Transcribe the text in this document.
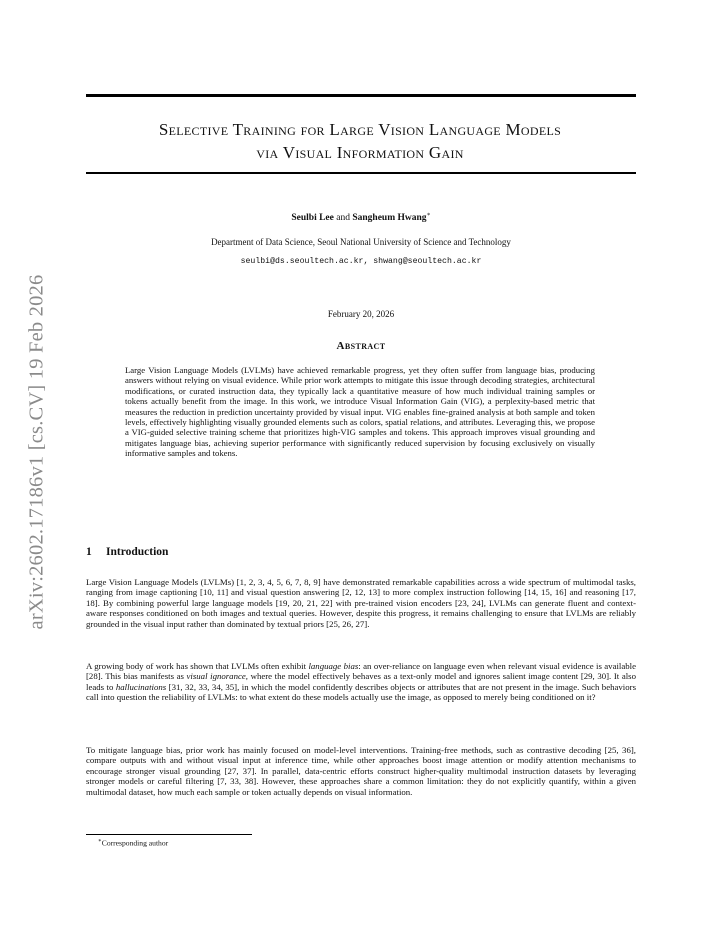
arXiv:2602.17186v1 [cs.CV] 19 Feb 2026
Selective Training for Large Vision Language Models
via Visual Information Gain
Seulbi Lee and Sangheum Hwang∗
Department of Data Science, Seoul National University of Science and Technology
seulbi@ds.seoultech.ac.kr, shwang@seoultech.ac.kr
February 20, 2026
Abstract

Large Vision Language Models (LVLMs) have achieved remarkable progress, yet they often suffer from language bias, producing answers without relying on visual evidence. While prior work attempts to mitigate this issue through decoding strategies, architectural modifications, or curated instruction data, they typically lack a quantitative measure of how much individual training samples or tokens actually benefit from the image. In this work, we introduce Visual Information Gain (VIG), a perplexity-based metric that measures the reduction in prediction uncertainty provided by visual input. VIG enables fine-grained analysis at both sample and token levels, effectively highlighting visually grounded elements such as colors, spatial relations, and attributes. Leveraging this, we propose a VIG-guided selective training scheme that prioritizes high-VIG samples and tokens. This approach improves visual grounding and mitigates language bias, achieving superior performance with significantly reduced supervision by focusing exclusively on visually informative samples and tokens.

1 Introduction

Large Vision Language Models (LVLMs) [1, 2, 3, 4, 5, 6, 7, 8, 9] have demonstrated remarkable capabilities across a wide spectrum of multimodal tasks, ranging from image captioning [10, 11] and visual question answering [2, 12, 13] to more complex instruction following [14, 15, 16] and reasoning [17, 18]. By combining powerful large language models [19, 20, 21, 22] with pre-trained vision encoders [23, 24], LVLMs can generate fluent and context-aware responses conditioned on both images and textual queries. However, despite this progress, it remains challenging to ensure that LVLMs are reliably grounded in the visual input rather than dominated by textual priors [25, 26, 27].

A growing body of work has shown that LVLMs often exhibit language bias: an over-reliance on language even when relevant visual evidence is available [28]. This bias manifests as visual ignorance, where the model effectively behaves as a text-only model and ignores salient image content [29, 30]. It also leads to hallucinations [31, 32, 33, 34, 35], in which the model confidently describes objects or attributes that are not present in the image. Such behaviors call into question the reliability of LVLMs: to what extent do these models actually use the image, as opposed to merely being conditioned on it?

To mitigate language bias, prior work has mainly focused on model-level interventions. Training-free methods, such as contrastive decoding [25, 36], compare outputs with and without visual input at inference time, while other approaches boost image attention or modify attention mechanisms to encourage stronger visual grounding [27, 37]. In parallel, data-centric efforts construct higher-quality multimodal instruction datasets by leveraging stronger models or careful filtering [7, 33, 38]. However, these approaches share a common limitation: they do not explicitly quantify, within a given multimodal dataset, how much each sample or token actually depends on visual information.

∗Corresponding author
